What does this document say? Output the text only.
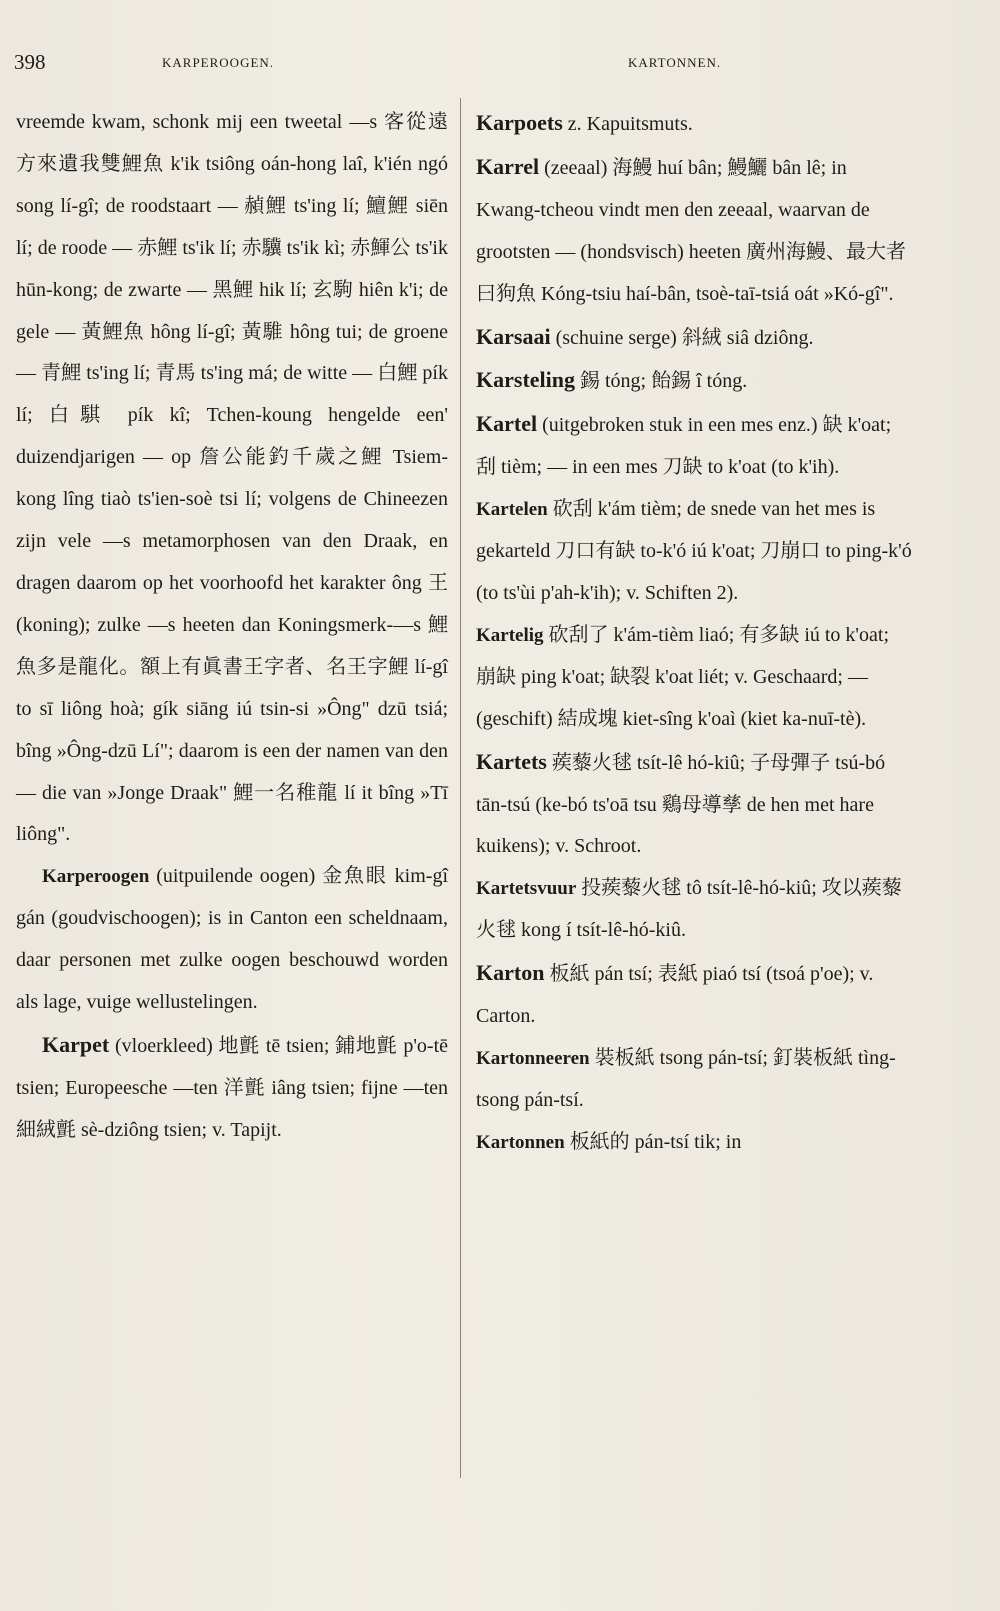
398	KARPEROOGEN.	KARTONNEN.

vreemde kwam, schonk mij een tweetal —s 客從遠方來遺我雙鯉魚 k'ik tsiông oán-hong laî, k'ién ngó song lí-gî; de roodstaart — 赬鯉 ts'ing lí; 鱣鯉 siēn lí; de roode — 赤鯉 ts'ik lí; 赤驥 ts'ik kì; 赤鯶公 ts'ik hūn-kong; de zwarte — 黑鯉 hik lí; 玄駒 hiên k'i; de gele — 黃鯉魚 hông lí-gî; 黃騅 hông tui; de groene — 青鯉 ts'ing lí; 青馬 ts'ing má; de witte — 白鯉 pík lí; 白騏 pík kî; Tchen-koung hengelde een' duizendjarigen — op 詹公能釣千歲之鯉 Tsiem-kong lîng tiaò ts'ien-soè tsi lí; volgens de Chineezen zijn vele —s metamorphosen van den Draak, en dragen daarom op het voorhoofd het karakter ông 王 (koning); zulke —s heeten dan Koningsmerk-—s 鯉魚多是龍化。額上有眞書王字者、名王字鯉 lí-gî to sī liông hoà; gík siāng iú tsin-si »Ông" dzū tsiá; bîng »Ông-dzū Lí"; daarom is een der namen van den — die van »Jonge Draak" 鯉一名稚龍 lí it bîng »Tī liông".

Karperoogen (uitpuilende oogen) 金魚眼 kim-gî gán (goudvischoogen); is in Canton een scheldnaam, daar personen met zulke oogen beschouwd worden als lage, vuige wellustelingen.

Karpet (vloerkleed) 地氈 tē tsien; 鋪地氈 p'o-tē tsien; Europeesche —ten 洋氈 iâng tsien; fijne —ten 細絨氈 sè-dziông tsien; v. Tapijt.

Karpoets z. Kapuitsmuts.

Karrel (zeeaal) 海鰻 huí bân; 鰻鱺 bân lê; in Kwang-tcheou vindt men den zeeaal, waarvan de grootsten — (hondsvisch) heeten 廣州海鰻、最大者曰狗魚 Kóng-tsiu haí-bân, tsoè-taī-tsiá oát »Kó-gî".

Karsaai (schuine serge) 斜絨 siâ dziông.

Karsteling 錫 tóng; 飴錫 î tóng.

Kartel (uitgebroken stuk in een mes enz.) 缺 k'oat; 刮 tièm; — in een mes 刀缺 to k'oat (to k'ih).

Kartelen 砍刮 k'ám tièm; de snede van het mes is gekarteld 刀口有缺 to-k'ó iú k'oat; 刀崩口 to ping-k'ó (to ts'ùi p'ah-k'ih); v. Schiften 2).

Kartelig 砍刮了 k'ám-tièm liaó; 有多缺 iú to k'oat; 崩缺 ping k'oat; 缺裂 k'oat liét; v. Geschaard; — (geschift) 結成塊 kiet-sîng k'oaì (kiet ka-nuī-tè).

Kartets 蒺藜火毬 tsít-lê hó-kiû; 子母彈子 tsú-bó tān-tsú (ke-bó ts'oā tsu 鷄母導孳 de hen met hare kuikens); v. Schroot.

Kartetsvuur 投蒺藜火毬 tô tsít-lê-hó-kiû; 攻以蒺藜火毬 kong í tsít-lê-hó-kiû.

Karton 板紙 pán tsí; 表紙 piaó tsí (tsoá p'oe); v. Carton.

Kartonneeren 裝板紙 tsong pán-tsí; 釘裝板紙 tìng-tsong pán-tsí.

Kartonnen 板紙的 pán-tsí tik; in
